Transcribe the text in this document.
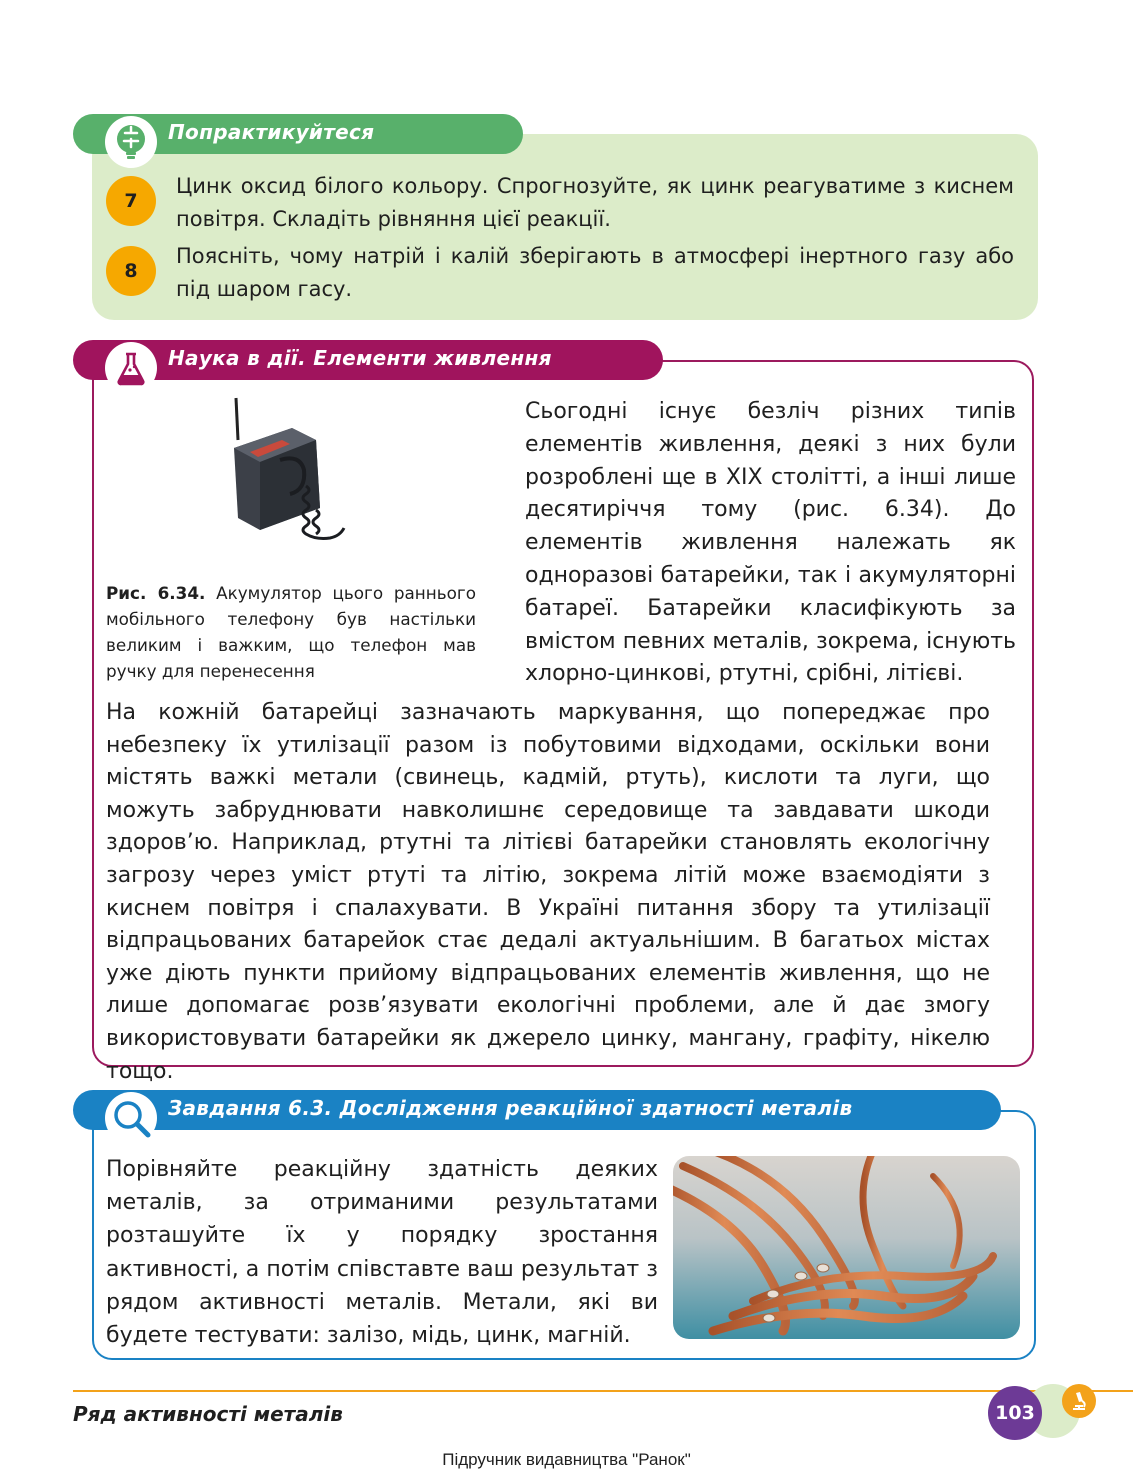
Попрактикуйтеся
7
Цинк оксид білого кольору. Спрогнозуйте, як цинк реагуватиме з киснем повітря. Складіть рівняння цієї реакції.
8
Поясніть, чому натрій і калій зберігають в атмосфері інертного газу або під шаром гасу.
Наука в дії. Елементи живлення
Рис. 6.34. Акумулятор цього раннього мобільного телефону був настільки великим і важким, що телефон мав ручку для перенесення
Сьогодні існує безліч різних типів елементів живлення, деякі з них були розроблені ще в XIX столітті, а інші лише десятиріччя тому (рис. 6.34). До елементів живлення належать як одноразові батарейки, так і акумуляторні батареї. Батарейки класифікують за вмістом певних металів, зокрема, існують хлорно-цинкові, ртутні, срібні, літієві.
На кожній батарейці зазначають маркування, що попереджає про небезпеку їх утилізації разом із побутовими відходами, оскільки вони містять важкі метали (свинець, кадмій, ртуть), кислоти та луги, що можуть забруднювати навколишнє середовище та завдавати шкоди здоров’ю. Наприклад, ртутні та літієві батарейки становлять екологічну загрозу через уміст ртуті та літію, зокрема літій може взаємодіяти з киснем повітря і спалахувати. В Україні питання збору та утилізації відпрацьованих батарейок стає дедалі актуальнішим. В багатьох містах уже діють пункти прийому відпрацьованих елементів живлення, що не лише допомагає розв’язувати екологічні проблеми, але й дає змогу використовувати батарейки як джерело цинку, мангану, графіту, нікелю тощо.
Завдання 6.3. Дослідження реакційної здатності металів
Порівняйте реакційну здатність деяких металів, за отриманими результатами розташуйте їх у порядку зростання активності, а потім співставте ваш результат з рядом активності металів. Метали, які ви будете тестувати: залізо, мідь, цинк, магній.
Ряд активності металів	103
Підручник видавництва "Ранок"
